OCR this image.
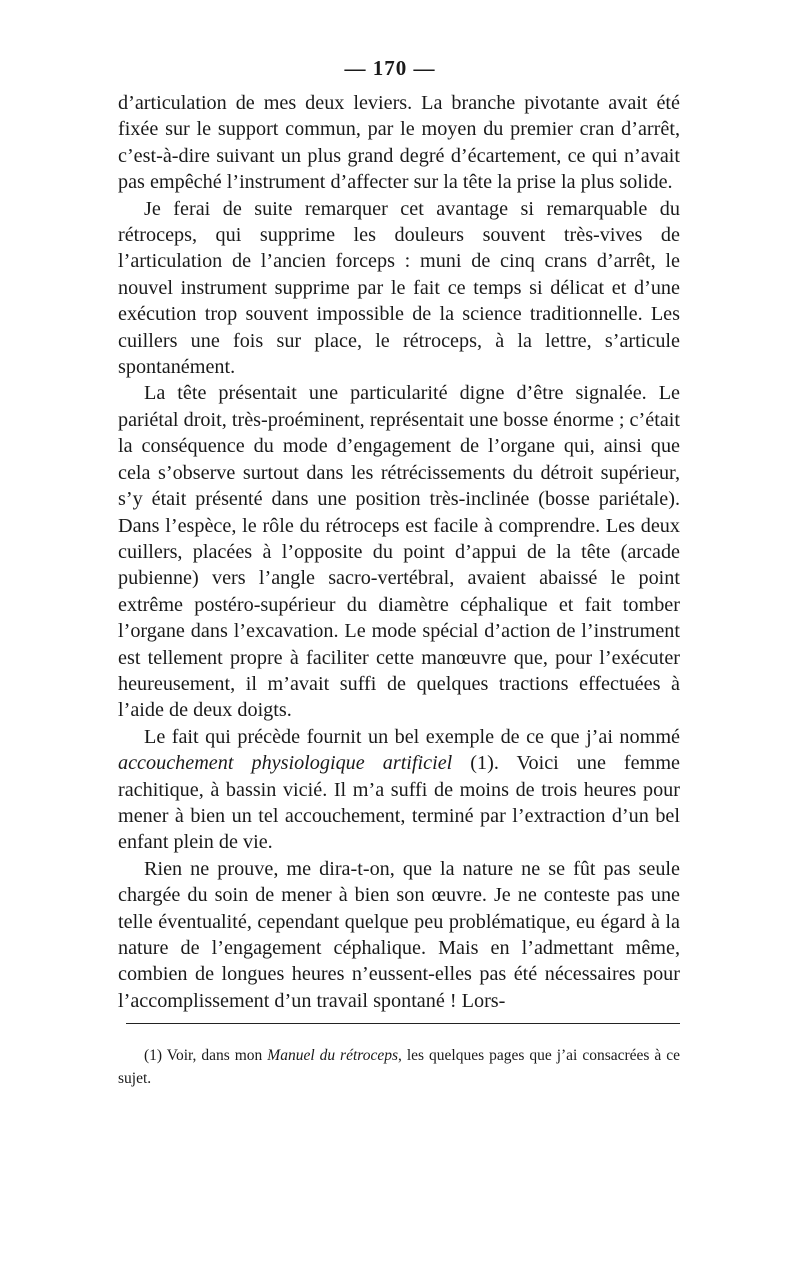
— 170 —

d’articulation de mes deux leviers. La branche pivotante avait été fixée sur le support commun, par le moyen du premier cran d’arrêt, c’est-à-dire suivant un plus grand degré d’écartement, ce qui n’avait pas empêché l’instrument d’affecter sur la tête la prise la plus solide.

Je ferai de suite remarquer cet avantage si remarquable du rétroceps, qui supprime les douleurs souvent très-vives de l’articulation de l’ancien forceps : muni de cinq crans d’arrêt, le nouvel instrument supprime par le fait ce temps si délicat et d’une exécution trop souvent impossible de la science traditionnelle. Les cuillers une fois sur place, le rétroceps, à la lettre, s’articule spontanément.

La tête présentait une particularité digne d’être signalée. Le pariétal droit, très-proéminent, représentait une bosse énorme ; c’était la conséquence du mode d’engagement de l’organe qui, ainsi que cela s’observe surtout dans les rétrécissements du détroit supérieur, s’y était présenté dans une position très-inclinée (bosse pariétale). Dans l’espèce, le rôle du rétroceps est facile à comprendre. Les deux cuillers, placées à l’opposite du point d’appui de la tête (arcade pubienne) vers l’angle sacro-vertébral, avaient abaissé le point extrême postéro-supérieur du diamètre céphalique et fait tomber l’organe dans l’excavation. Le mode spécial d’action de l’instrument est tellement propre à faciliter cette manœuvre que, pour l’exécuter heureusement, il m’avait suffi de quelques tractions effectuées à l’aide de deux doigts.

Le fait qui précède fournit un bel exemple de ce que j’ai nommé accouchement physiologique artificiel (1). Voici une femme rachitique, à bassin vicié. Il m’a suffi de moins de trois heures pour mener à bien un tel accouchement, terminé par l’extraction d’un bel enfant plein de vie.

Rien ne prouve, me dira-t-on, que la nature ne se fût pas seule chargée du soin de mener à bien son œuvre. Je ne conteste pas une telle éventualité, cependant quelque peu problématique, eu égard à la nature de l’engagement céphalique. Mais en l’admettant même, combien de longues heures n’eussent-elles pas été nécessaires pour l’accomplissement d’un travail spontané ! Lors-

(1) Voir, dans mon Manuel du rétroceps, les quelques pages que j’ai consacrées à ce sujet.
